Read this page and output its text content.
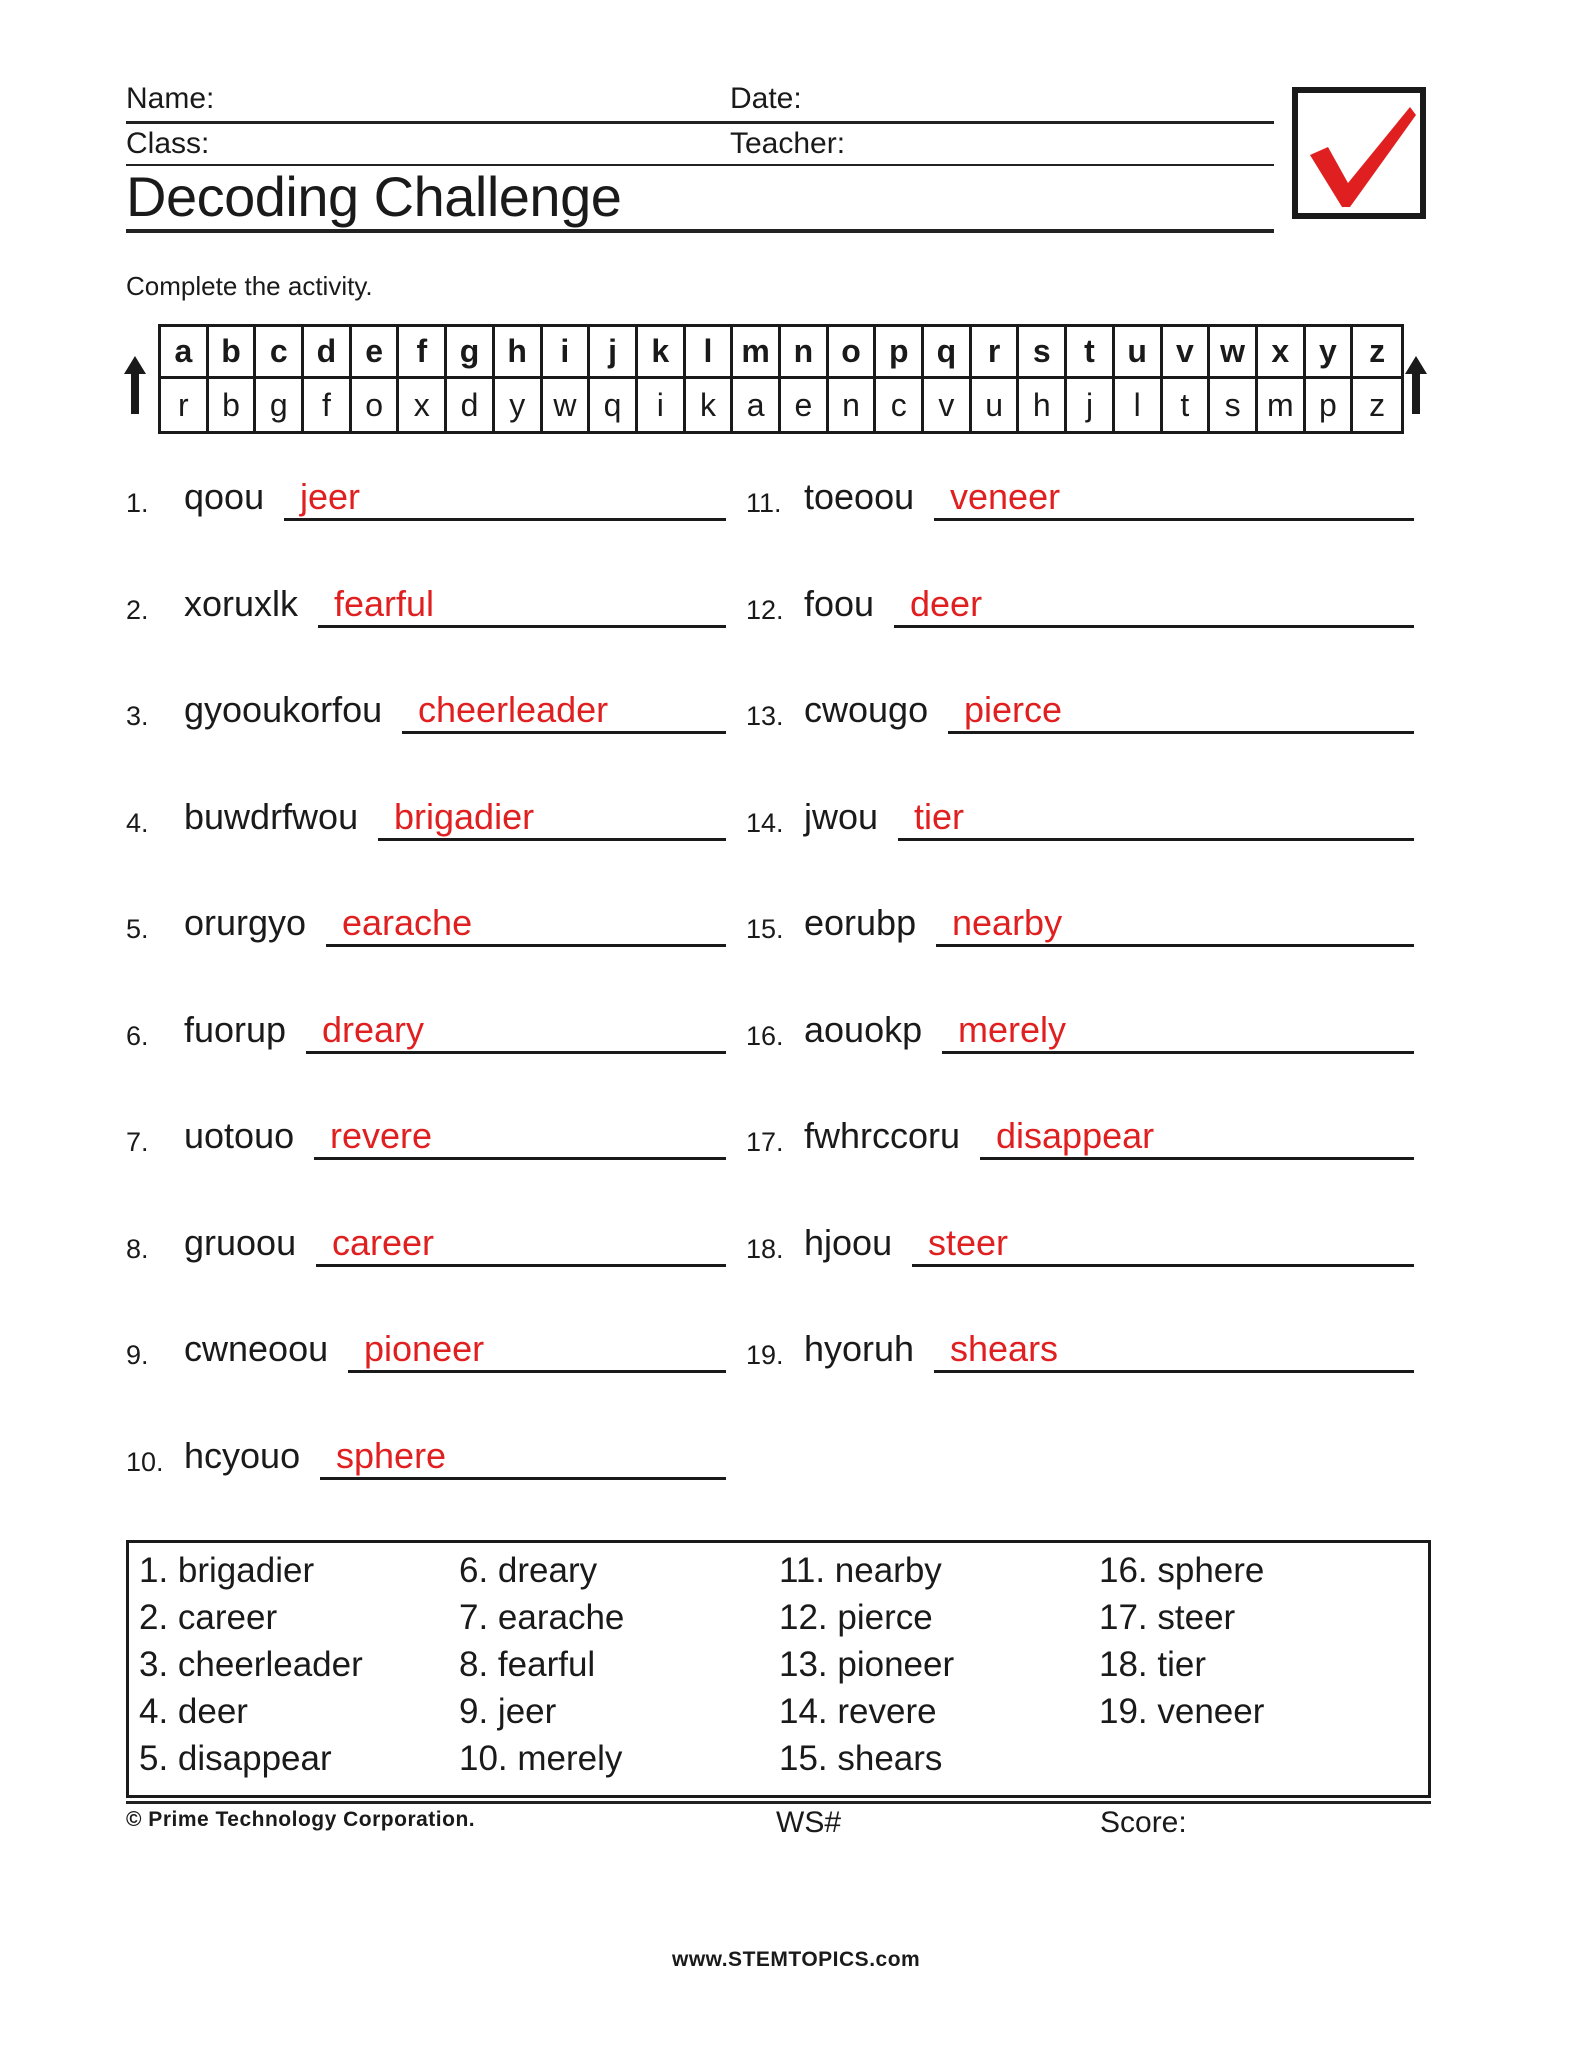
Name:	Date:
Class:	Teacher:
Decoding Challenge
Complete the activity.
a b c d e	f	g h	i	j	k	l m n o p q r	s	t	u v w x y	z
r	b g	f	o x d y w q	i	k a e n c v u h	j	l	t	s m p	z
1. qoou jeer
2. xoruxlk fearful
3. gyooukorfou cheerleader
4. buwdrfwou brigadier
5. orurgyo earache
6. fuorup dreary
7. uotouo revere
8. gruoou career
9. cwneoou pioneer
10. hcyouo sphere
11. toeoou veneer
12. foou deer
13. cwougo pierce
14. jwou tier
15. eorubp nearby
16. aouokp merely
17. fwhrccoru disappear
18. hjoou steer
19. hyoruh shears
1. brigadier
2. career
3. cheerleader
4. deer
5. disappear
6. dreary
7. earache
8. fearful
9. jeer
10. merely
11. nearby
12. pierce
13. pioneer
14. revere
15. shears
16. sphere
17. steer
18. tier
19. veneer
© Prime Technology Corporation.	WS#	Score:
www.STEMTOPICS.com
